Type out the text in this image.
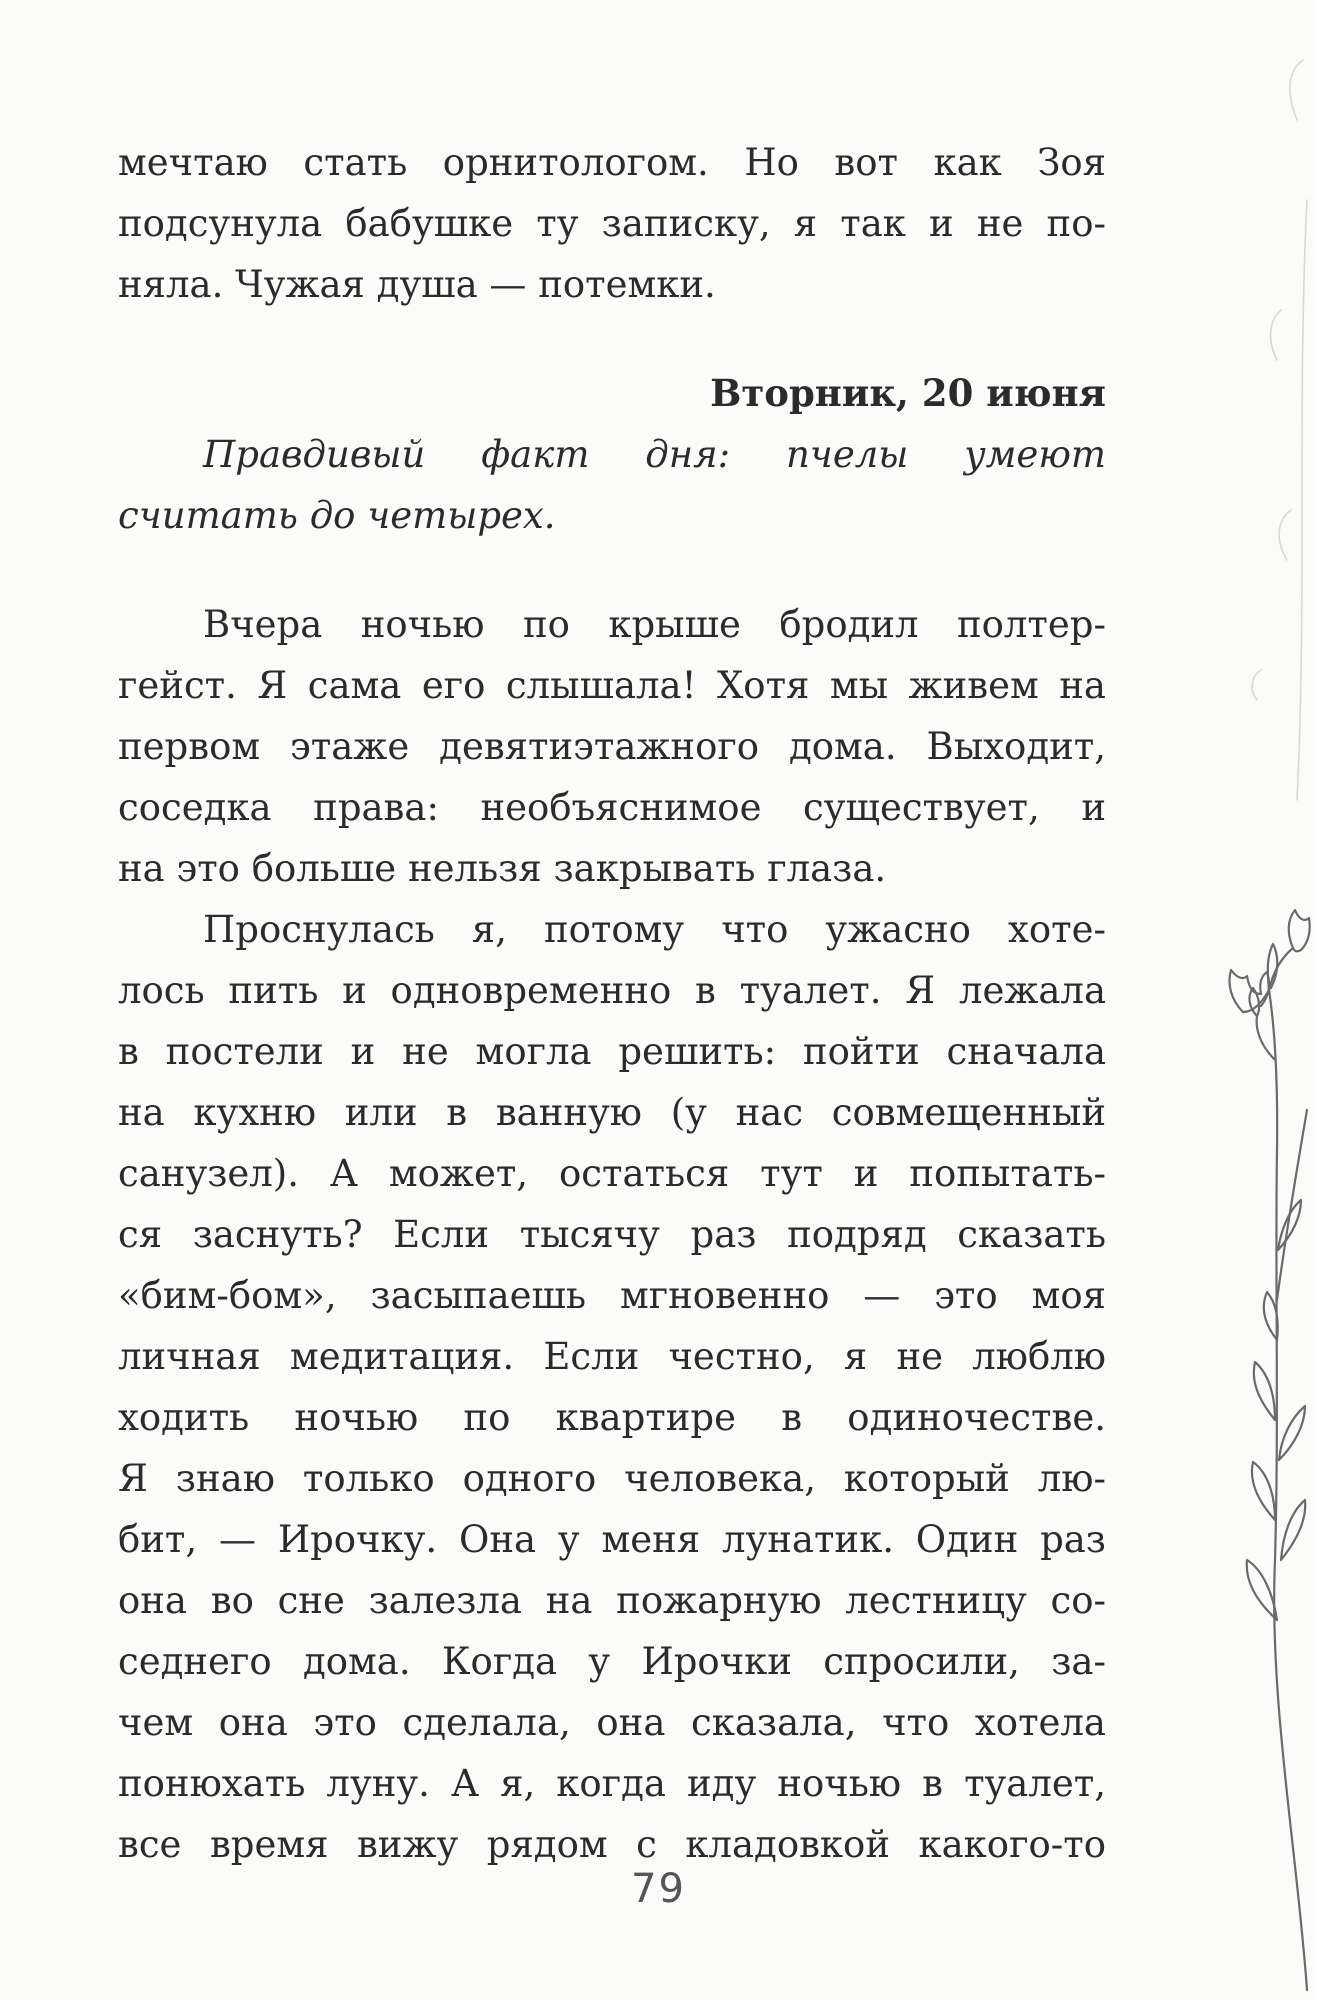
мечтаю стать орнитологом. Но вот как Зоя
подсунула бабушке ту записку, я так и не по-
няла. Чужая душа — потемки.
Вторник, 20 июня
Правдивый факт дня: пчелы умеют
считать до четырех.
Вчера ночью по крыше бродил полтер-
гейст. Я сама его слышала! Хотя мы живем на
первом этаже девятиэтажного дома. Выходит,
соседка права: необъяснимое существует, и
на это больше нельзя закрывать глаза.
Проснулась я, потому что ужасно хоте-
лось пить и одновременно в туалет. Я лежала
в постели и не могла решить: пойти сначала
на кухню или в ванную (у нас совмещенный
санузел). А может, остаться тут и попытать-
ся заснуть? Если тысячу раз подряд сказать
«бим-бом», засыпаешь мгновенно — это моя
личная медитация. Если честно, я не люблю
ходить ночью по квартире в одиночестве.
Я знаю только одного человека, который лю-
бит, — Ирочку. Она у меня лунатик. Один раз
она во сне залезла на пожарную лестницу со-
седнего дома. Когда у Ирочки спросили, за-
чем она это сделала, она сказала, что хотела
понюхать луну. А я, когда иду ночью в туалет,
все время вижу рядом с кладовкой какого-то
79
